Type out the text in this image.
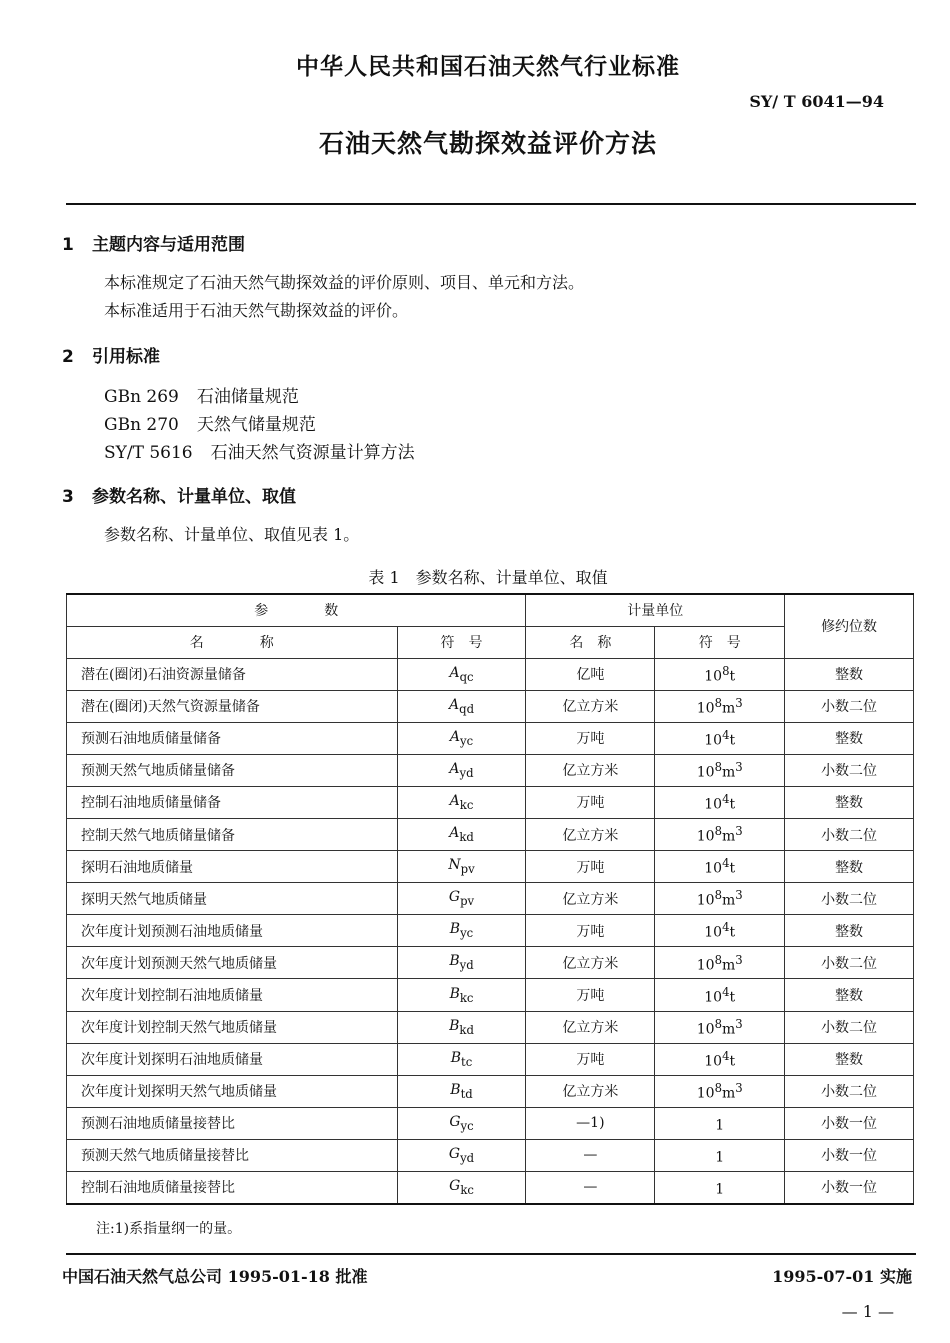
中华人民共和国石油天然气行业标准
SY/ T 6041—94
石油天然气勘探效益评价方法
1 主题内容与适用范围
本标准规定了石油天然气勘探效益的评价原则、项目、单元和方法。
本标准适用于石油天然气勘探效益的评价。
2 引用标准
GBn 269 石油储量规范
GBn 270 天然气储量规范
SY/T 5616 石油天然气资源量计算方法
3 参数名称、计量单位、取值
参数名称、计量单位、取值见表 1。
表 1　参数名称、计量单位、取值
参　　　　数		计量单位		修约位数
名　　　　称	符　号	名　称	符　号	
潜在(圈闭)石油资源量储备	$A_{qc}$	亿吨	$10^8t$	整数
潜在(圈闭)天然气资源量储备	$A_{qd}$	亿立方米	$10^8m^3$	小数二位
预测石油地质储量储备	$A_{yc}$	万吨	$10^4t$	整数
预测天然气地质储量储备	$A_{yd}$	亿立方米	$10^8m^3$	小数二位
控制石油地质储量储备	$A_{kc}$	万吨	$10^4t$	整数
控制天然气地质储量储备	$A_{kd}$	亿立方米	$10^8m^3$	小数二位
探明石油地质储量	$N_{pv}$	万吨	$10^4t$	整数
探明天然气地质储量	$G_{pv}$	亿立方米	$10^8m^3$	小数二位
次年度计划预测石油地质储量	$B_{yc}$	万吨	$10^4t$	整数
次年度计划预测天然气地质储量	$B_{yd}$	亿立方米	$10^8m^3$	小数二位
次年度计划控制石油地质储量	$B_{kc}$	万吨	$10^4t$	整数
次年度计划控制天然气地质储量	$B_{kd}$	亿立方米	$10^8m^3$	小数二位
次年度计划探明石油地质储量	$B_{tc}$	万吨	$10^4t$	整数
次年度计划探明天然气地质储量	$B_{td}$	亿立方米	$10^8m^3$	小数二位
预测石油地质储量接替比	$G_{yc}$	—1)	1	小数一位
预测天然气地质储量接替比	$G_{yd}$	—	1	小数一位
控制石油地质储量接替比	$G_{kc}$	—	1	小数一位
注:1)系指量纲一的量。
中国石油天然气总公司 1995-01-18 批准	1995-07-01 实施
— 1 —
